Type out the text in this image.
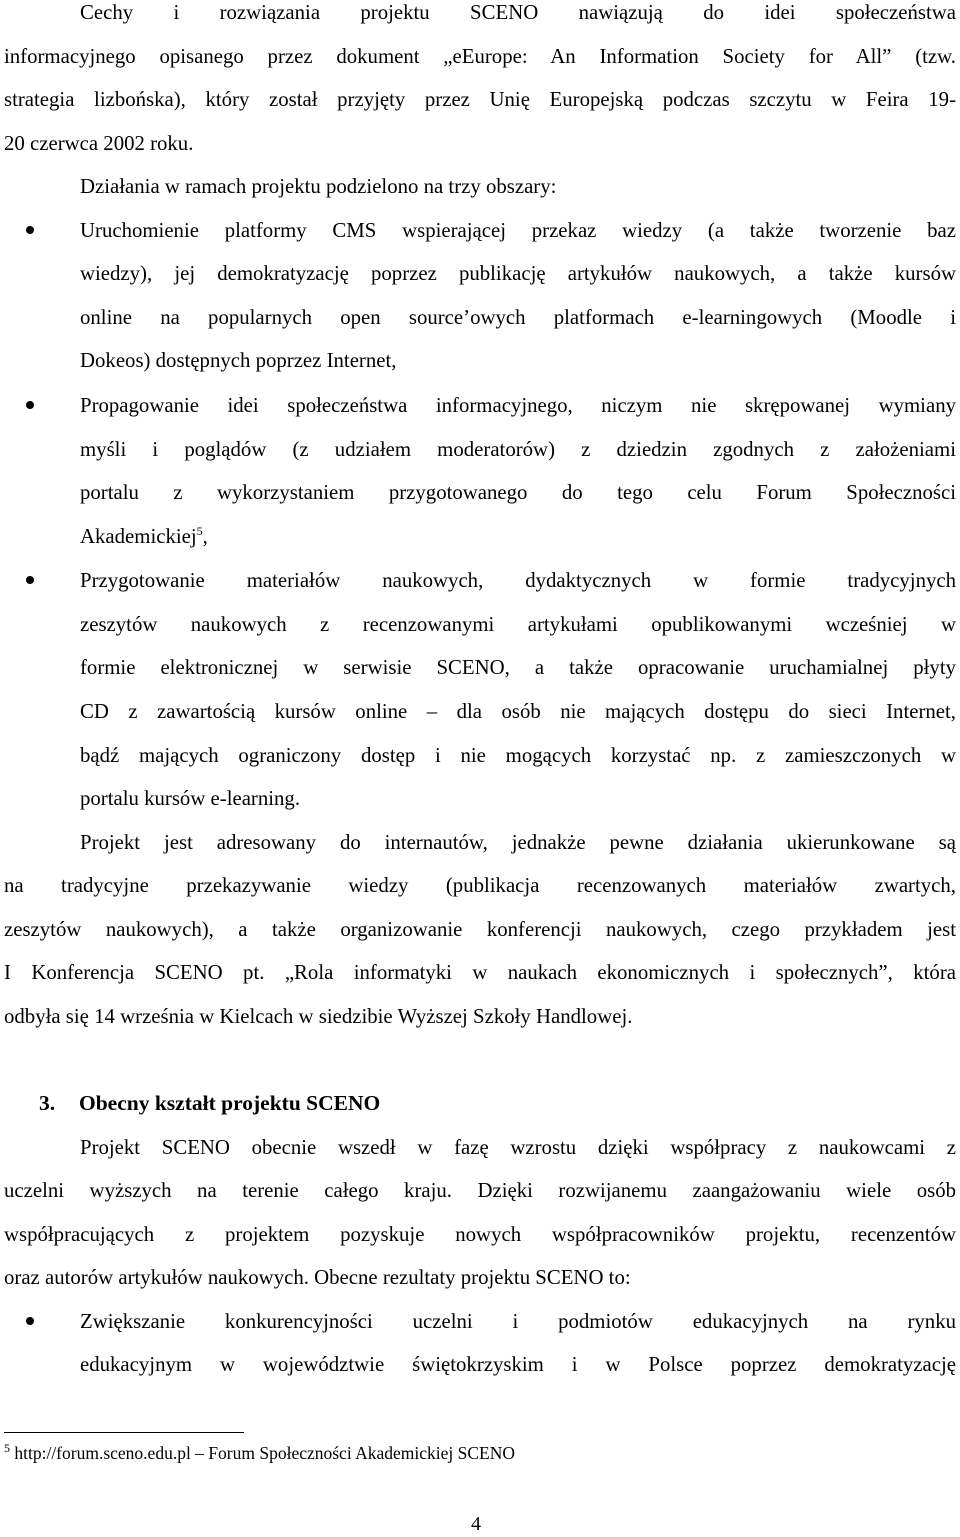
Cechy i rozwiązania projektu SCENO nawiązują do idei społeczeństwa
informacyjnego opisanego przez dokument „eEurope: An Information Society for All” (tzw.
strategia lizbońska), który został przyjęty przez Unię Europejską podczas szczytu w Feira 19-
20 czerwca 2002 roku.
Działania w ramach projektu podzielono na trzy obszary:
Uruchomienie platformy CMS wspierającej przekaz wiedzy (a także tworzenie baz
wiedzy), jej demokratyzację poprzez publikację artykułów naukowych, a także kursów
online na popularnych open source’owych platformach e-learningowych (Moodle i
Dokeos) dostępnych poprzez Internet,
Propagowanie idei społeczeństwa informacyjnego, niczym nie skrępowanej wymiany
myśli i poglądów (z udziałem moderatorów) z dziedzin zgodnych z założeniami
portalu z wykorzystaniem przygotowanego do tego celu Forum Społeczności
Akademickiej$^5$,
Przygotowanie materiałów naukowych, dydaktycznych w formie tradycyjnych
zeszytów naukowych z recenzowanymi artykułami opublikowanymi wcześniej w
formie elektronicznej w serwisie SCENO, a także opracowanie uruchamialnej płyty
CD z zawartością kursów online – dla osób nie mających dostępu do sieci Internet,
bądź mających ograniczony dostęp i nie mogących korzystać np. z zamieszczonych w
portalu kursów e-learning.
Projekt jest adresowany do internautów, jednakże pewne działania ukierunkowane są
na tradycyjne przekazywanie wiedzy (publikacja recenzowanych materiałów zwartych,
zeszytów naukowych), a także organizowanie konferencji naukowych, czego przykładem jest
I Konferencja SCENO pt. „Rola informatyki w naukach ekonomicznych i społecznych”, która
odbyła się 14 września w Kielcach w siedzibie Wyższej Szkoły Handlowej.
3. Obecny kształt projektu SCENO
Projekt SCENO obecnie wszedł w fazę wzrostu dzięki współpracy z naukowcami z
uczelni wyższych na terenie całego kraju. Dzięki rozwijanemu zaangażowaniu wiele osób
współpracujących z projektem pozyskuje nowych współpracowników projektu, recenzentów
oraz autorów artykułów naukowych. Obecne rezultaty projektu SCENO to:
Zwiększanie konkurencyjności uczelni i podmiotów edukacyjnych na rynku
edukacyjnym w województwie świętokrzyskim i w Polsce poprzez demokratyzację
$^5$ http://forum.sceno.edu.pl – Forum Społeczności Akademickiej SCENO
4
